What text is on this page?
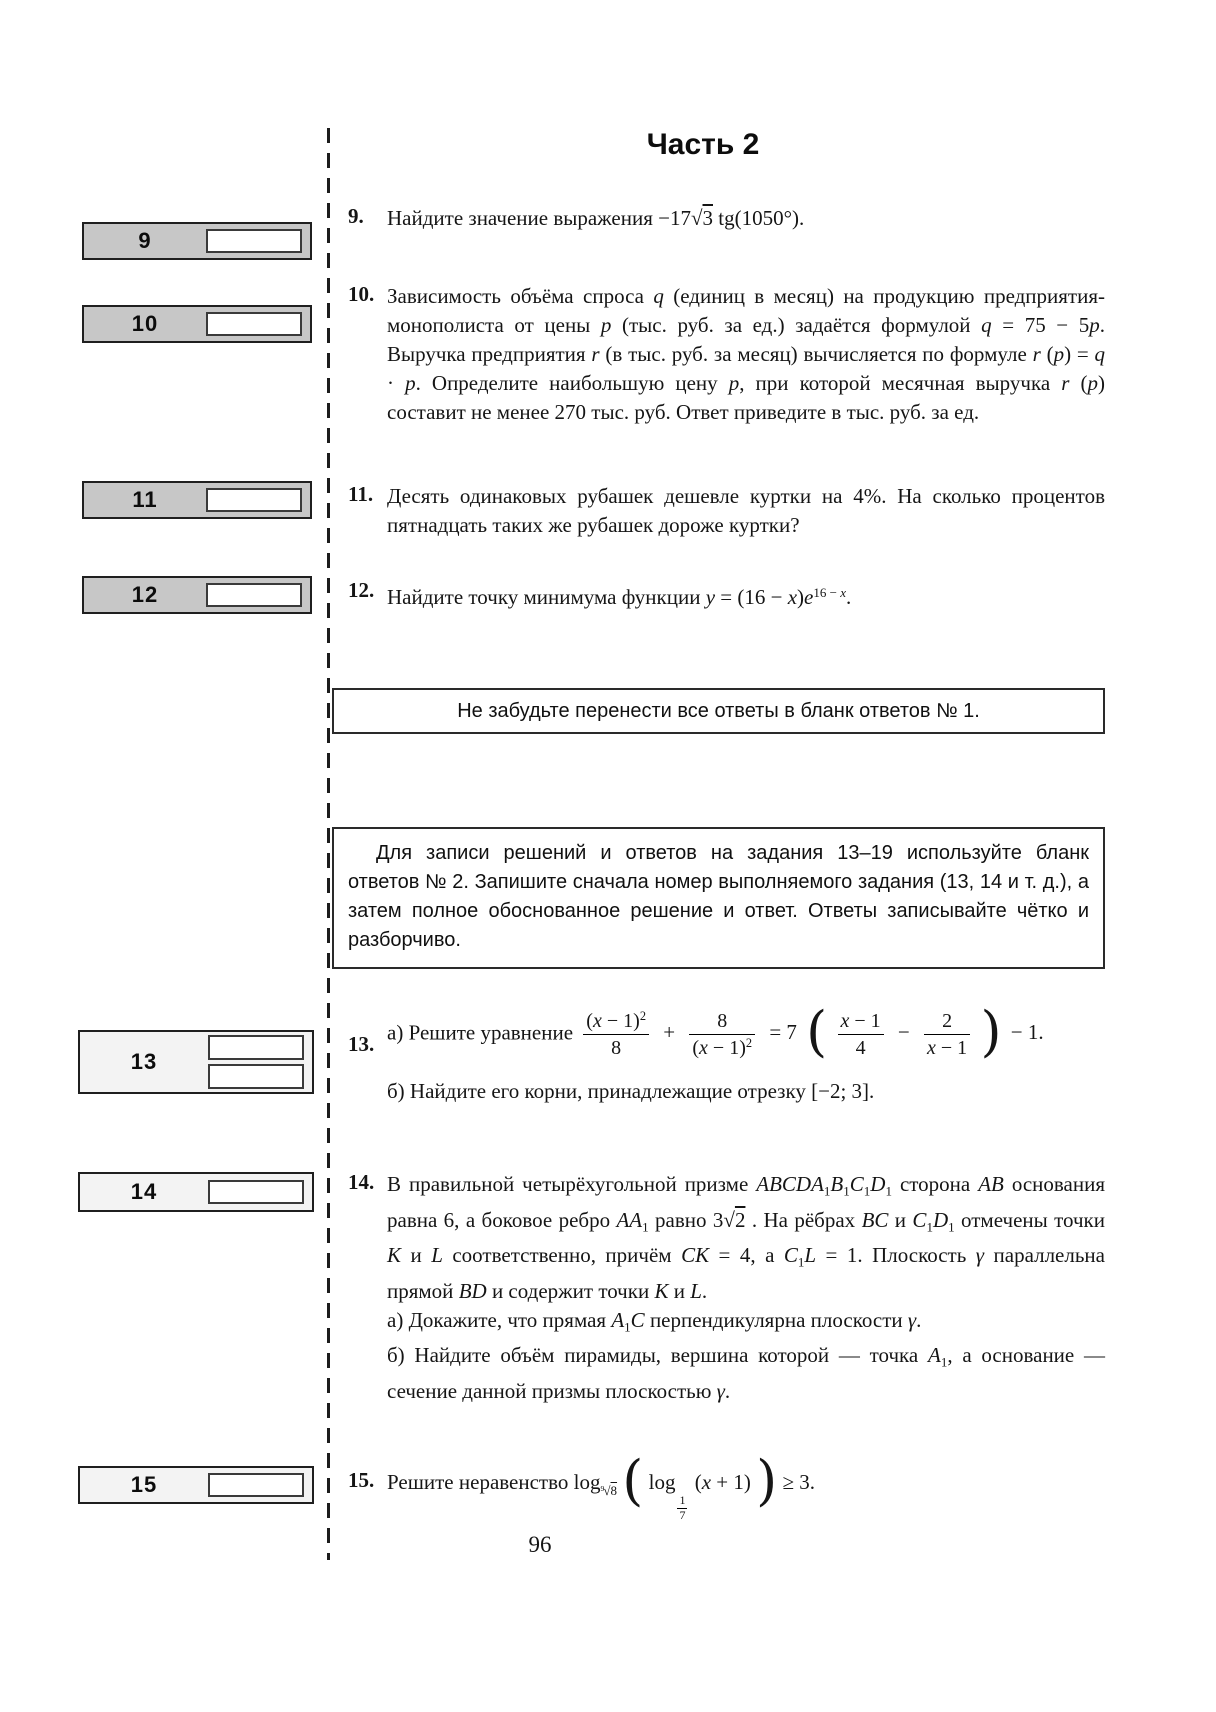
9
10
11
12
13
14
15
Часть 2
9. Найдите значение выражения −17√3 tg(1050°).
10. Зависимость объёма спроса q (единиц в месяц) на продукцию предприятия-монополиста от цены p (тыс. руб. за ед.) задаётся формулой q = 75 − 5p. Выручка предприятия r (в тыс. руб. за месяц) вычисляется по формуле r (p) = q · p. Определите наибольшую цену p, при которой месячная выручка r (p) составит не менее 270 тыс. руб. Ответ приведите в тыс. руб. за ед.
11. Десять одинаковых рубашек дешевле куртки на 4%. На сколько процентов пятнадцать таких же рубашек дороже куртки?
12. Найдите точку минимума функции $y = (16 - x)e^{16 -}$ $^x$.
Не забудьте перенести все ответы в бланк ответов № 1.
Для записи решений и ответов на задания 13–19 используйте бланк ответов № 2. Запишите сначала номер выполняемого задания (13, 14 и т. д.), а затем полное обоснованное решение и ответ. Ответы записывайте чётко и разборчиво.
13. а) Решите уравнение $\frac{(x - 1)^2}{8} + \frac{8}{(x - 1)^2} = 7$ ( $\frac{x - 1}{4} - \frac{2}{x - 1}$ ) − 1.
б) Найдите его корни, принадлежащие отрезку [−2; 3].
14. В правильной четырёхугольной призме $ABCDA_1B_1C_1D_1$ сторона AB основания равна 6, а боковое ребро $AA_1$ равно 3√2 . На рёбрах BC и $C_1D_1$ отмечены точки K и L соответственно, причём CK = 4, а $C_1L = 1$. Плоскость γ параллельна прямой BD и содержит точки K и L.
а) Докажите, что прямая $A_1C$ перпендикулярна плоскости γ.
б) Найдите объём пирамиды, вершина которой — точка $A_1$, а основание — сечение данной призмы плоскостью γ.
15. Решите неравенство $\log_{^9√8}$ ( log
$\frac{1}{7}$
(x + 1) ) ≥ 3.
96
